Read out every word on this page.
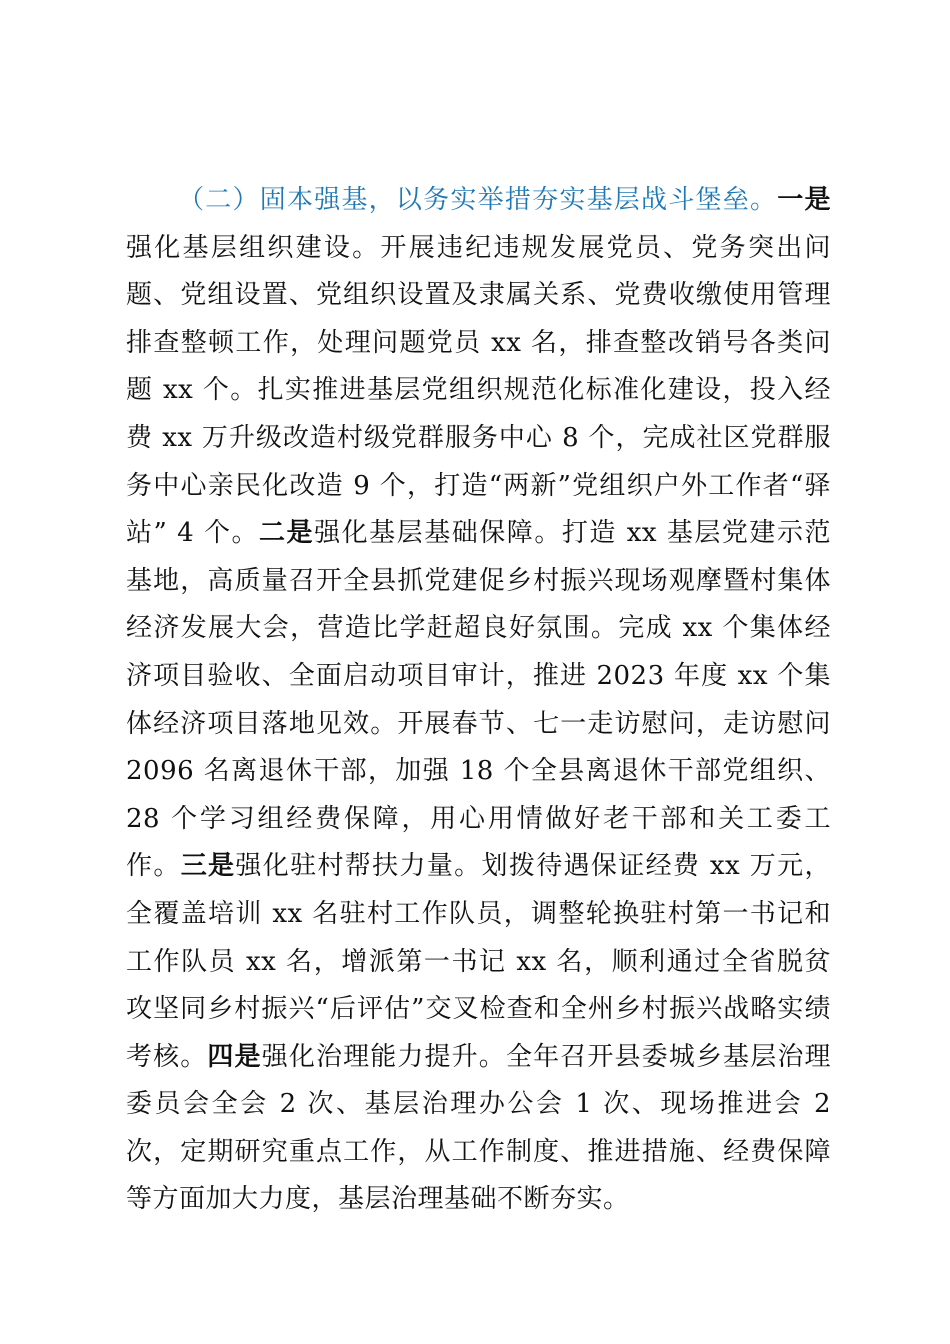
（二）固本强基，以务实举措夯实基层战斗堡垒。一是强化基层组织建设。开展违纪违规发展党员、党务突出问题、党组设置、党组织设置及隶属关系、党费收缴使用管理排查整顿工作，处理问题党员 xx 名，排查整改销号各类问题 xx 个。扎实推进基层党组织规范化标准化建设，投入经费 xx 万升级改造村级党群服务中心 8 个，完成社区党群服务中心亲民化改造 9 个，打造“两新”党组织户外工作者“驿站” 4 个。二是强化基层基础保障。打造 xx 基层党建示范基地，高质量召开全县抓党建促乡村振兴现场观摩暨村集体经济发展大会，营造比学赶超良好氛围。完成 xx 个集体经济项目验收、全面启动项目审计，推进 2023 年度 xx 个集体经济项目落地见效。开展春节、七一走访慰问，走访慰问 2096 名离退休干部，加强 18 个全县离退休干部党组织、28 个学习组经费保障，用心用情做好老干部和关工委工作。三是强化驻村帮扶力量。划拨待遇保证经费 xx 万元，全覆盖培训 xx 名驻村工作队员，调整轮换驻村第一书记和工作队员 xx 名，增派第一书记 xx 名，顺利通过全省脱贫攻坚同乡村振兴“后评估”交叉检查和全州乡村振兴战略实绩考核。四是强化治理能力提升。全年召开县委城乡基层治理委员会全会 2 次、基层治理办公会 1 次、现场推进会 2 次，定期研究重点工作，从工作制度、推进措施、经费保障等方面加大力度，基层治理基础不断夯实。
